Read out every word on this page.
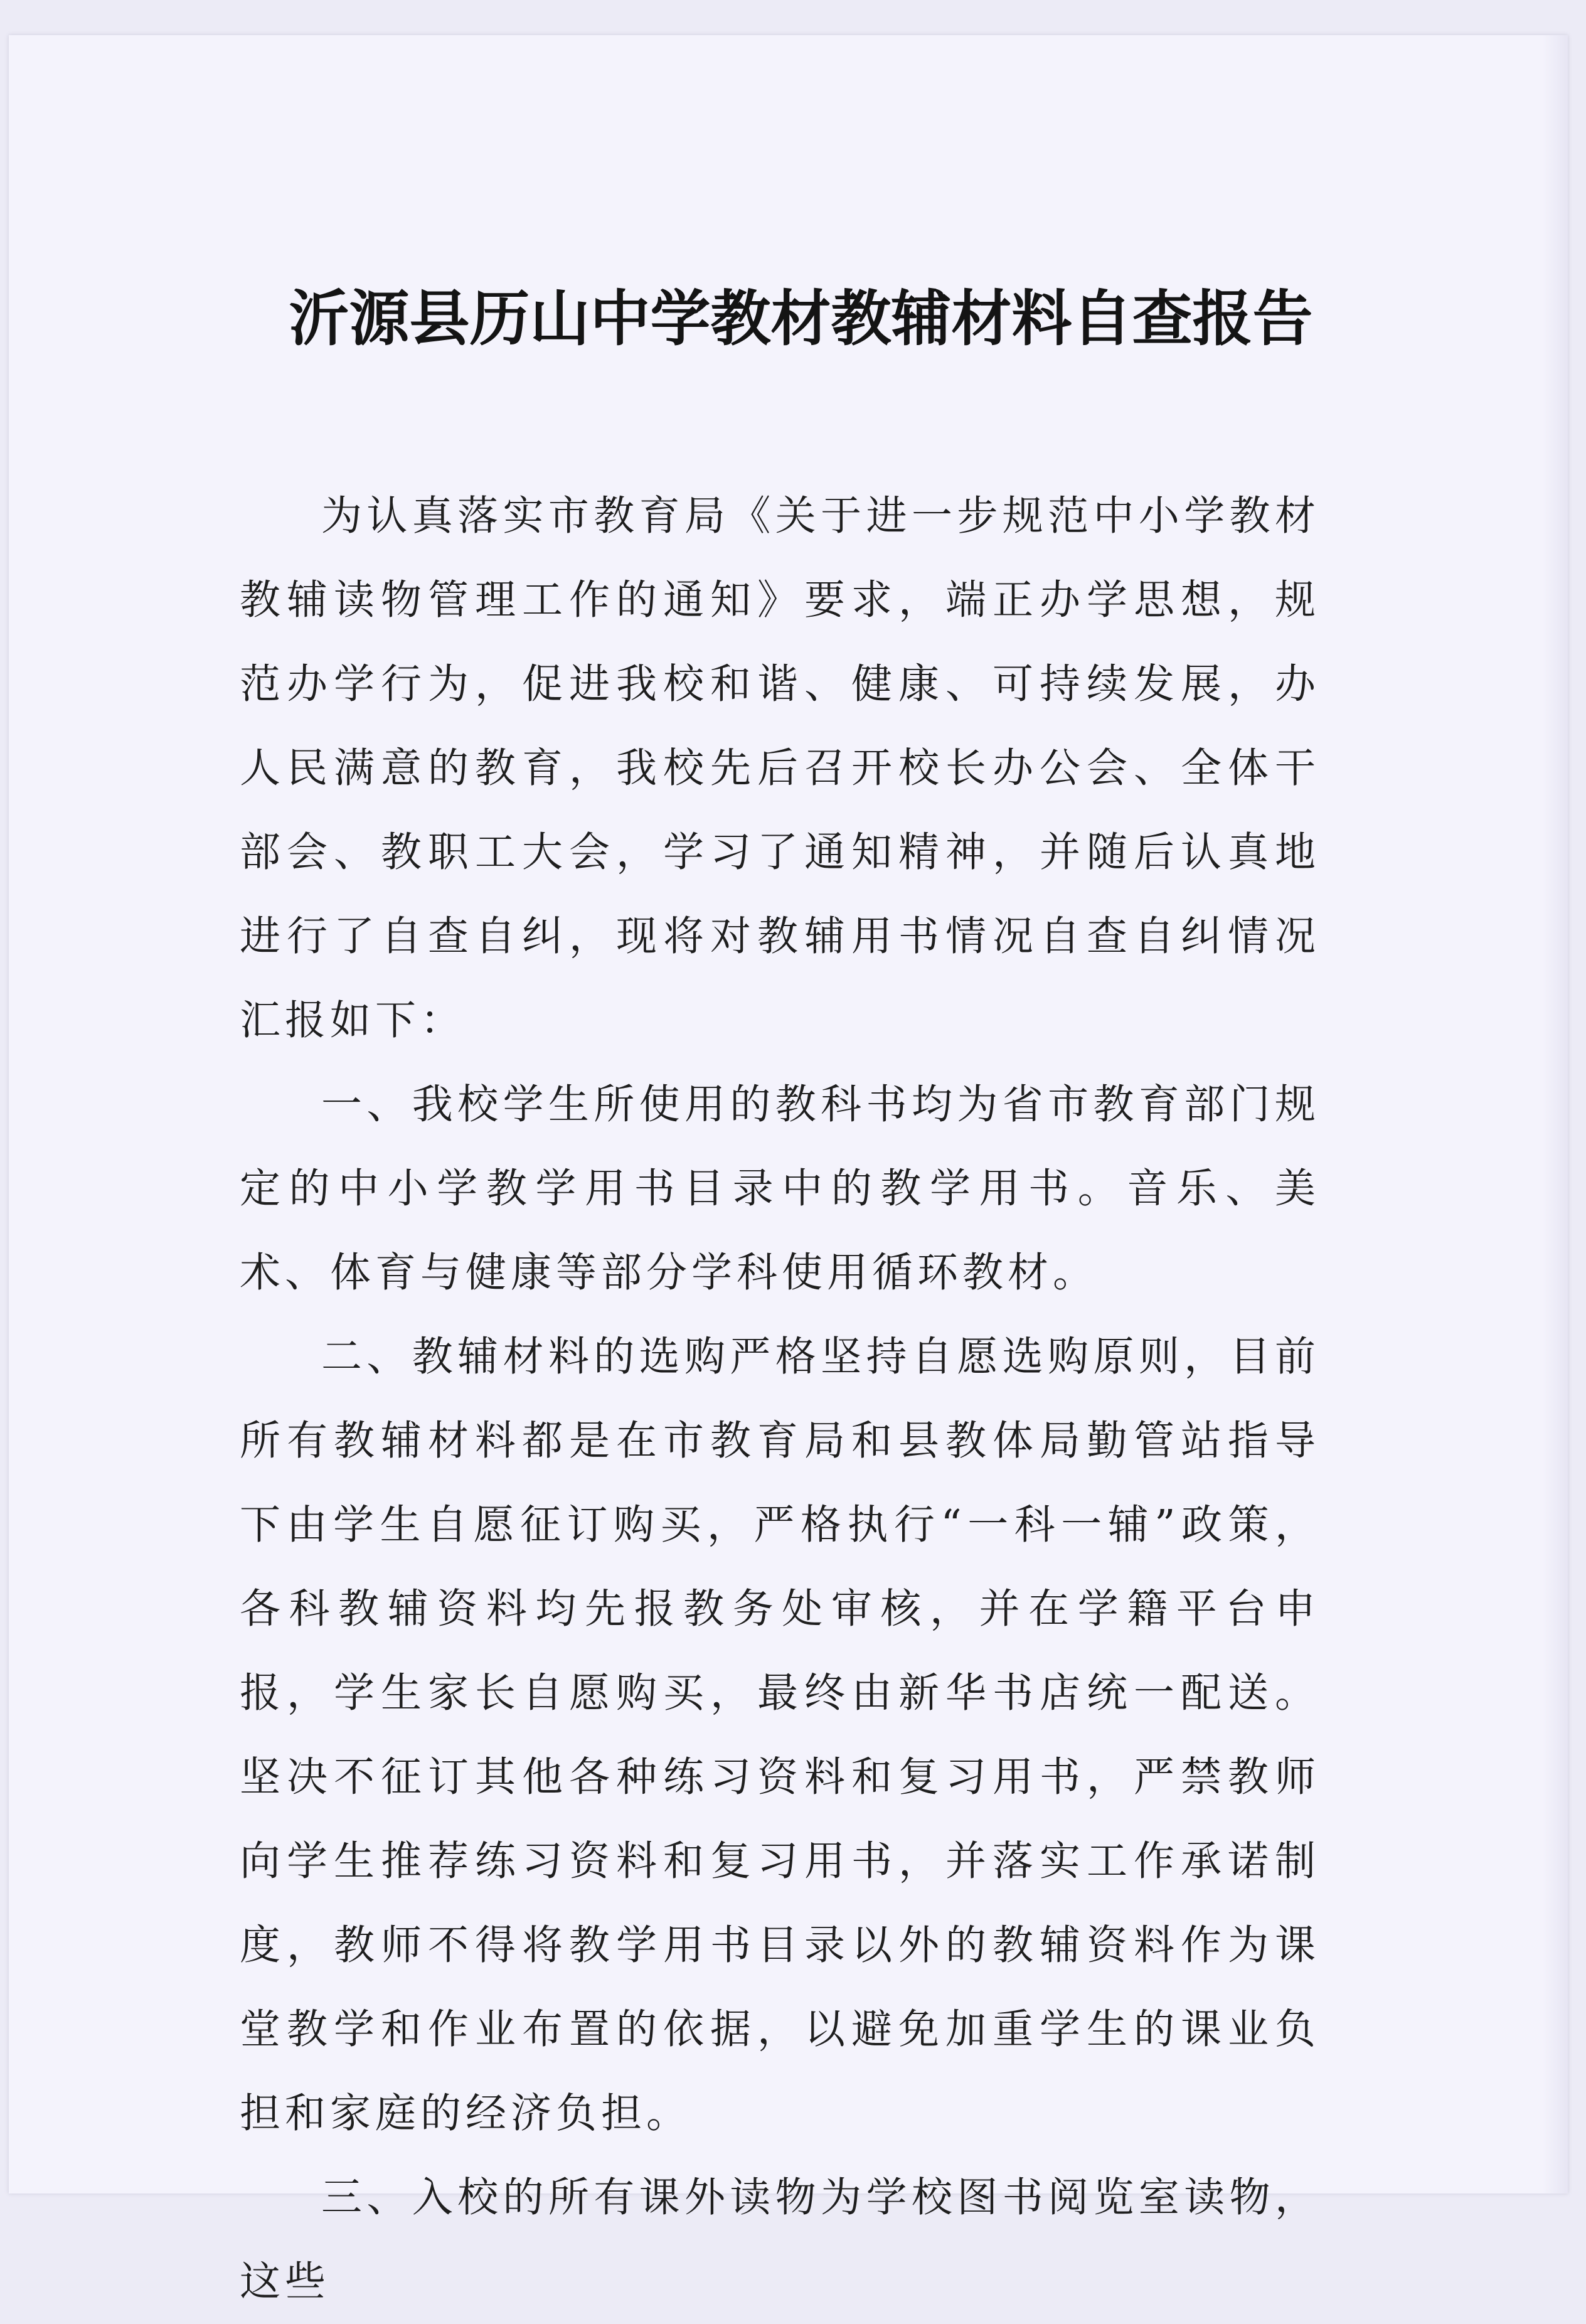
沂源县历山中学教材教辅材料自查报告

为认真落实市教育局《关于进一步规范中小学教材教辅读物管理工作的通知》要求，端正办学思想，规范办学行为，促进我校和谐、健康、可持续发展，办人民满意的教育，我校先后召开校长办公会、全体干部会、教职工大会，学习了通知精神，并随后认真地进行了自查自纠，现将对教辅用书情况自查自纠情况汇报如下：

一、我校学生所使用的教科书均为省市教育部门规定的中小学教学用书目录中的教学用书。音乐、美术、体育与健康等部分学科使用循环教材。

二、教辅材料的选购严格坚持自愿选购原则，目前所有教辅材料都是在市教育局和县教体局勤管站指导下由学生自愿征订购买，严格执行“一科一辅”政策，各科教辅资料均先报教务处审核，并在学籍平台申报，学生家长自愿购买，最终由新华书店统一配送。坚决不征订其他各种练习资料和复习用书，严禁教师向学生推荐练习资料和复习用书，并落实工作承诺制度，教师不得将教学用书目录以外的教辅资料作为课堂教学和作业布置的依据，以避免加重学生的课业负担和家庭的经济负担。

三、入校的所有课外读物为学校图书阅览室读物，这些
